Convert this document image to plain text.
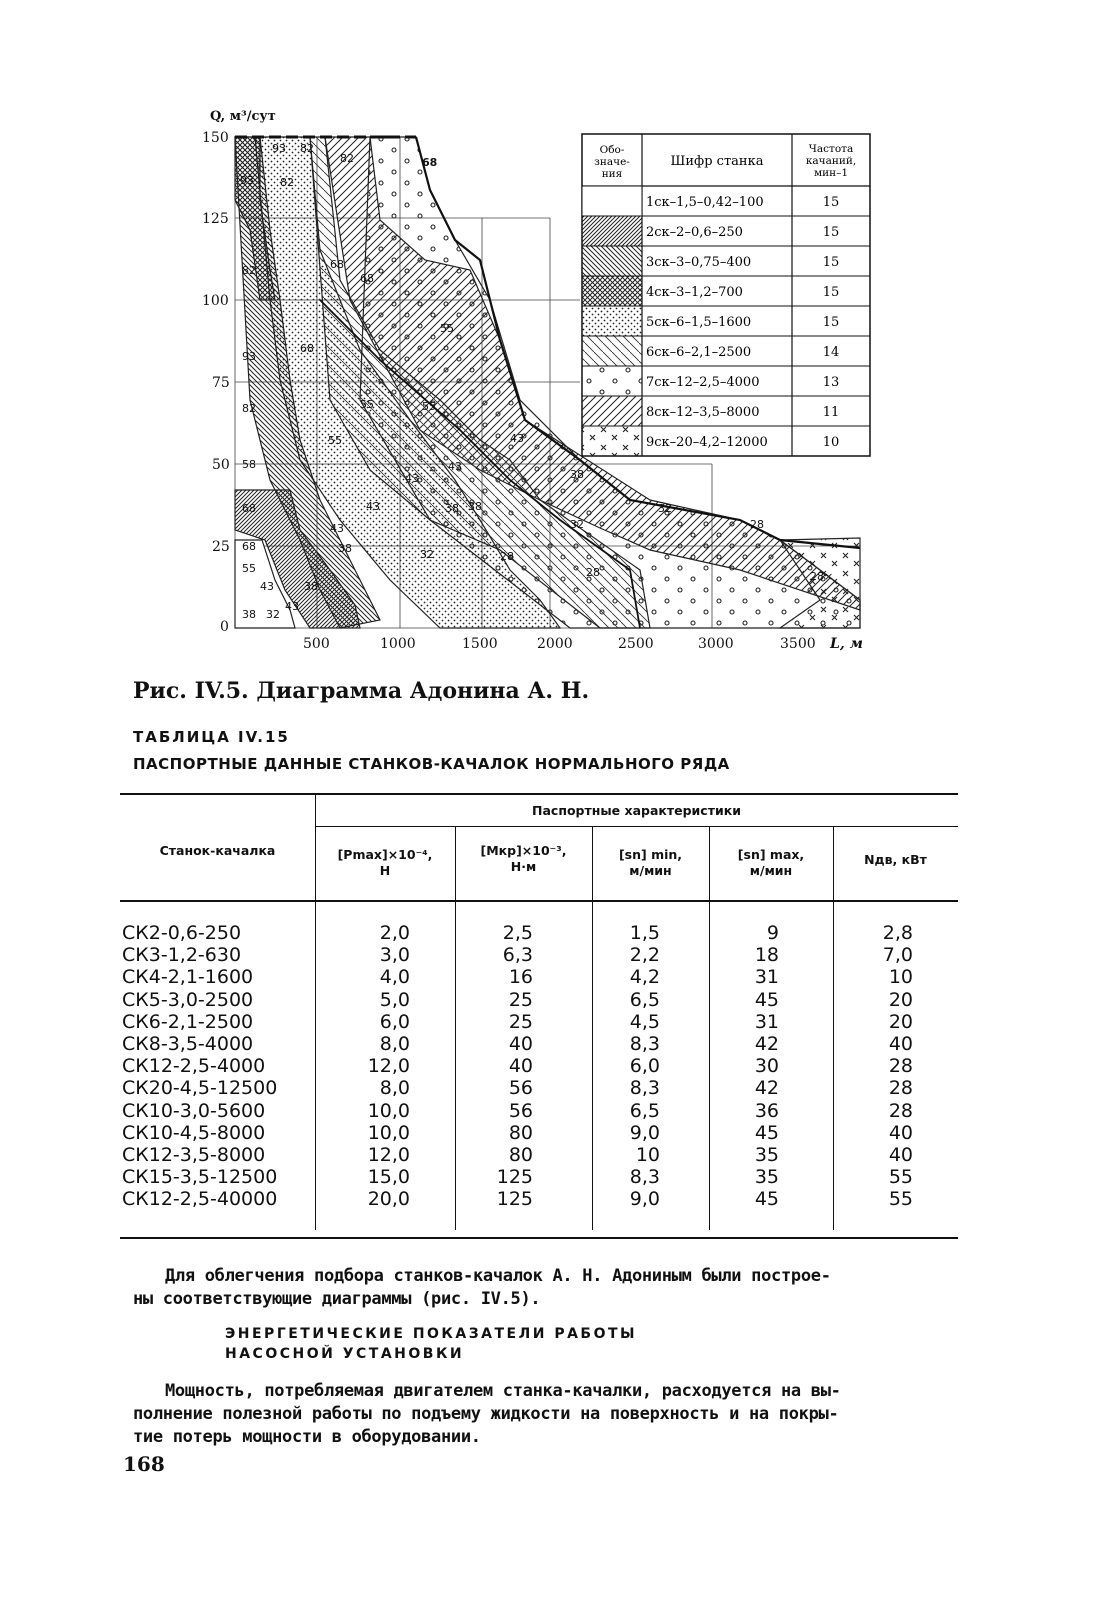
93 82
82
93 82
68
82	68
68
55
93
68
82	55	55
55	43
43
43
43
38
38
38	32
32	28
58
68
68
55
43
43
43
38
38
38 32
32	28
28	28×
Q, м³/сут
150
125
100
75
50
25
0
500	1000	1500	2000	2500	3000	3500 L, м
Обо-
значе-
ния
Шифр станка
Частота
качаний,
мин–1
1ск–1,5–0,42–100	15
2ск–2–0,6–250	15
3ск–3–0,75–400	15
4ск–3–1,2–700	15
5ск–6–1,5–1600	15
6ск–6–2,1–2500	14
7ск–12–2,5–4000	13
8ск–12–3,5–8000	11
9ск–20–4,2–12000	10
Рис. IV.5. Диаграмма Адонина А. Н.
ТАБЛИЦА IV.15
ПАСПОРТНЫЕ ДАННЫЕ СТАНКОВ-КАЧАЛОК НОРМАЛЬНОГО РЯДА
Паспортные характеристики
Станок-качалка	[Pmax]×10⁻⁴,
Н
[Mкр]×10⁻³,
Н·м
[sn] min,
м/мин
[sn] max,
м/мин
Nдв, кВт
СК2-0,6-250	2,0	2,5	1,5	9	2,8
СК3-1,2-630	3,0	6,3	2,2	18	7,0
СК4-2,1-1600	4,0	16	4,2	31	10
СК5-3,0-2500	5,0	25	6,5	45	20
СК6-2,1-2500	6,0	25	4,5	31	20
СК8-3,5-4000	8,0	40	8,3	42	40
СК12-2,5-4000	12,0	40	6,0	30	28
СК20-4,5-12500	8,0	56	8,3	42	28
СК10-3,0-5600	10,0	56	6,5	36	28
СК10-4,5-8000	10,0	80	9,0	45	40
СК12-3,5-8000	12,0	80	10	35	40
СК15-3,5-12500	15,0	125	8,3	35	55
СК12-2,5-40000	20,0	125	9,0	45	55
Для облегчения подбора станков-качалок А. Н. Адониным были построе-
ны соответствующие диаграммы (рис. IV.5).
ЭНЕРГЕТИЧЕСКИЕ ПОКАЗАТЕЛИ РАБОТЫ
НАСОСНОЙ УСТАНОВКИ
Мощность, потребляемая двигателем станка-качалки, расходуется на вы-
полнение полезной работы по подъему жидкости на поверхность и на покры-
тие потерь мощности в оборудовании.
168
